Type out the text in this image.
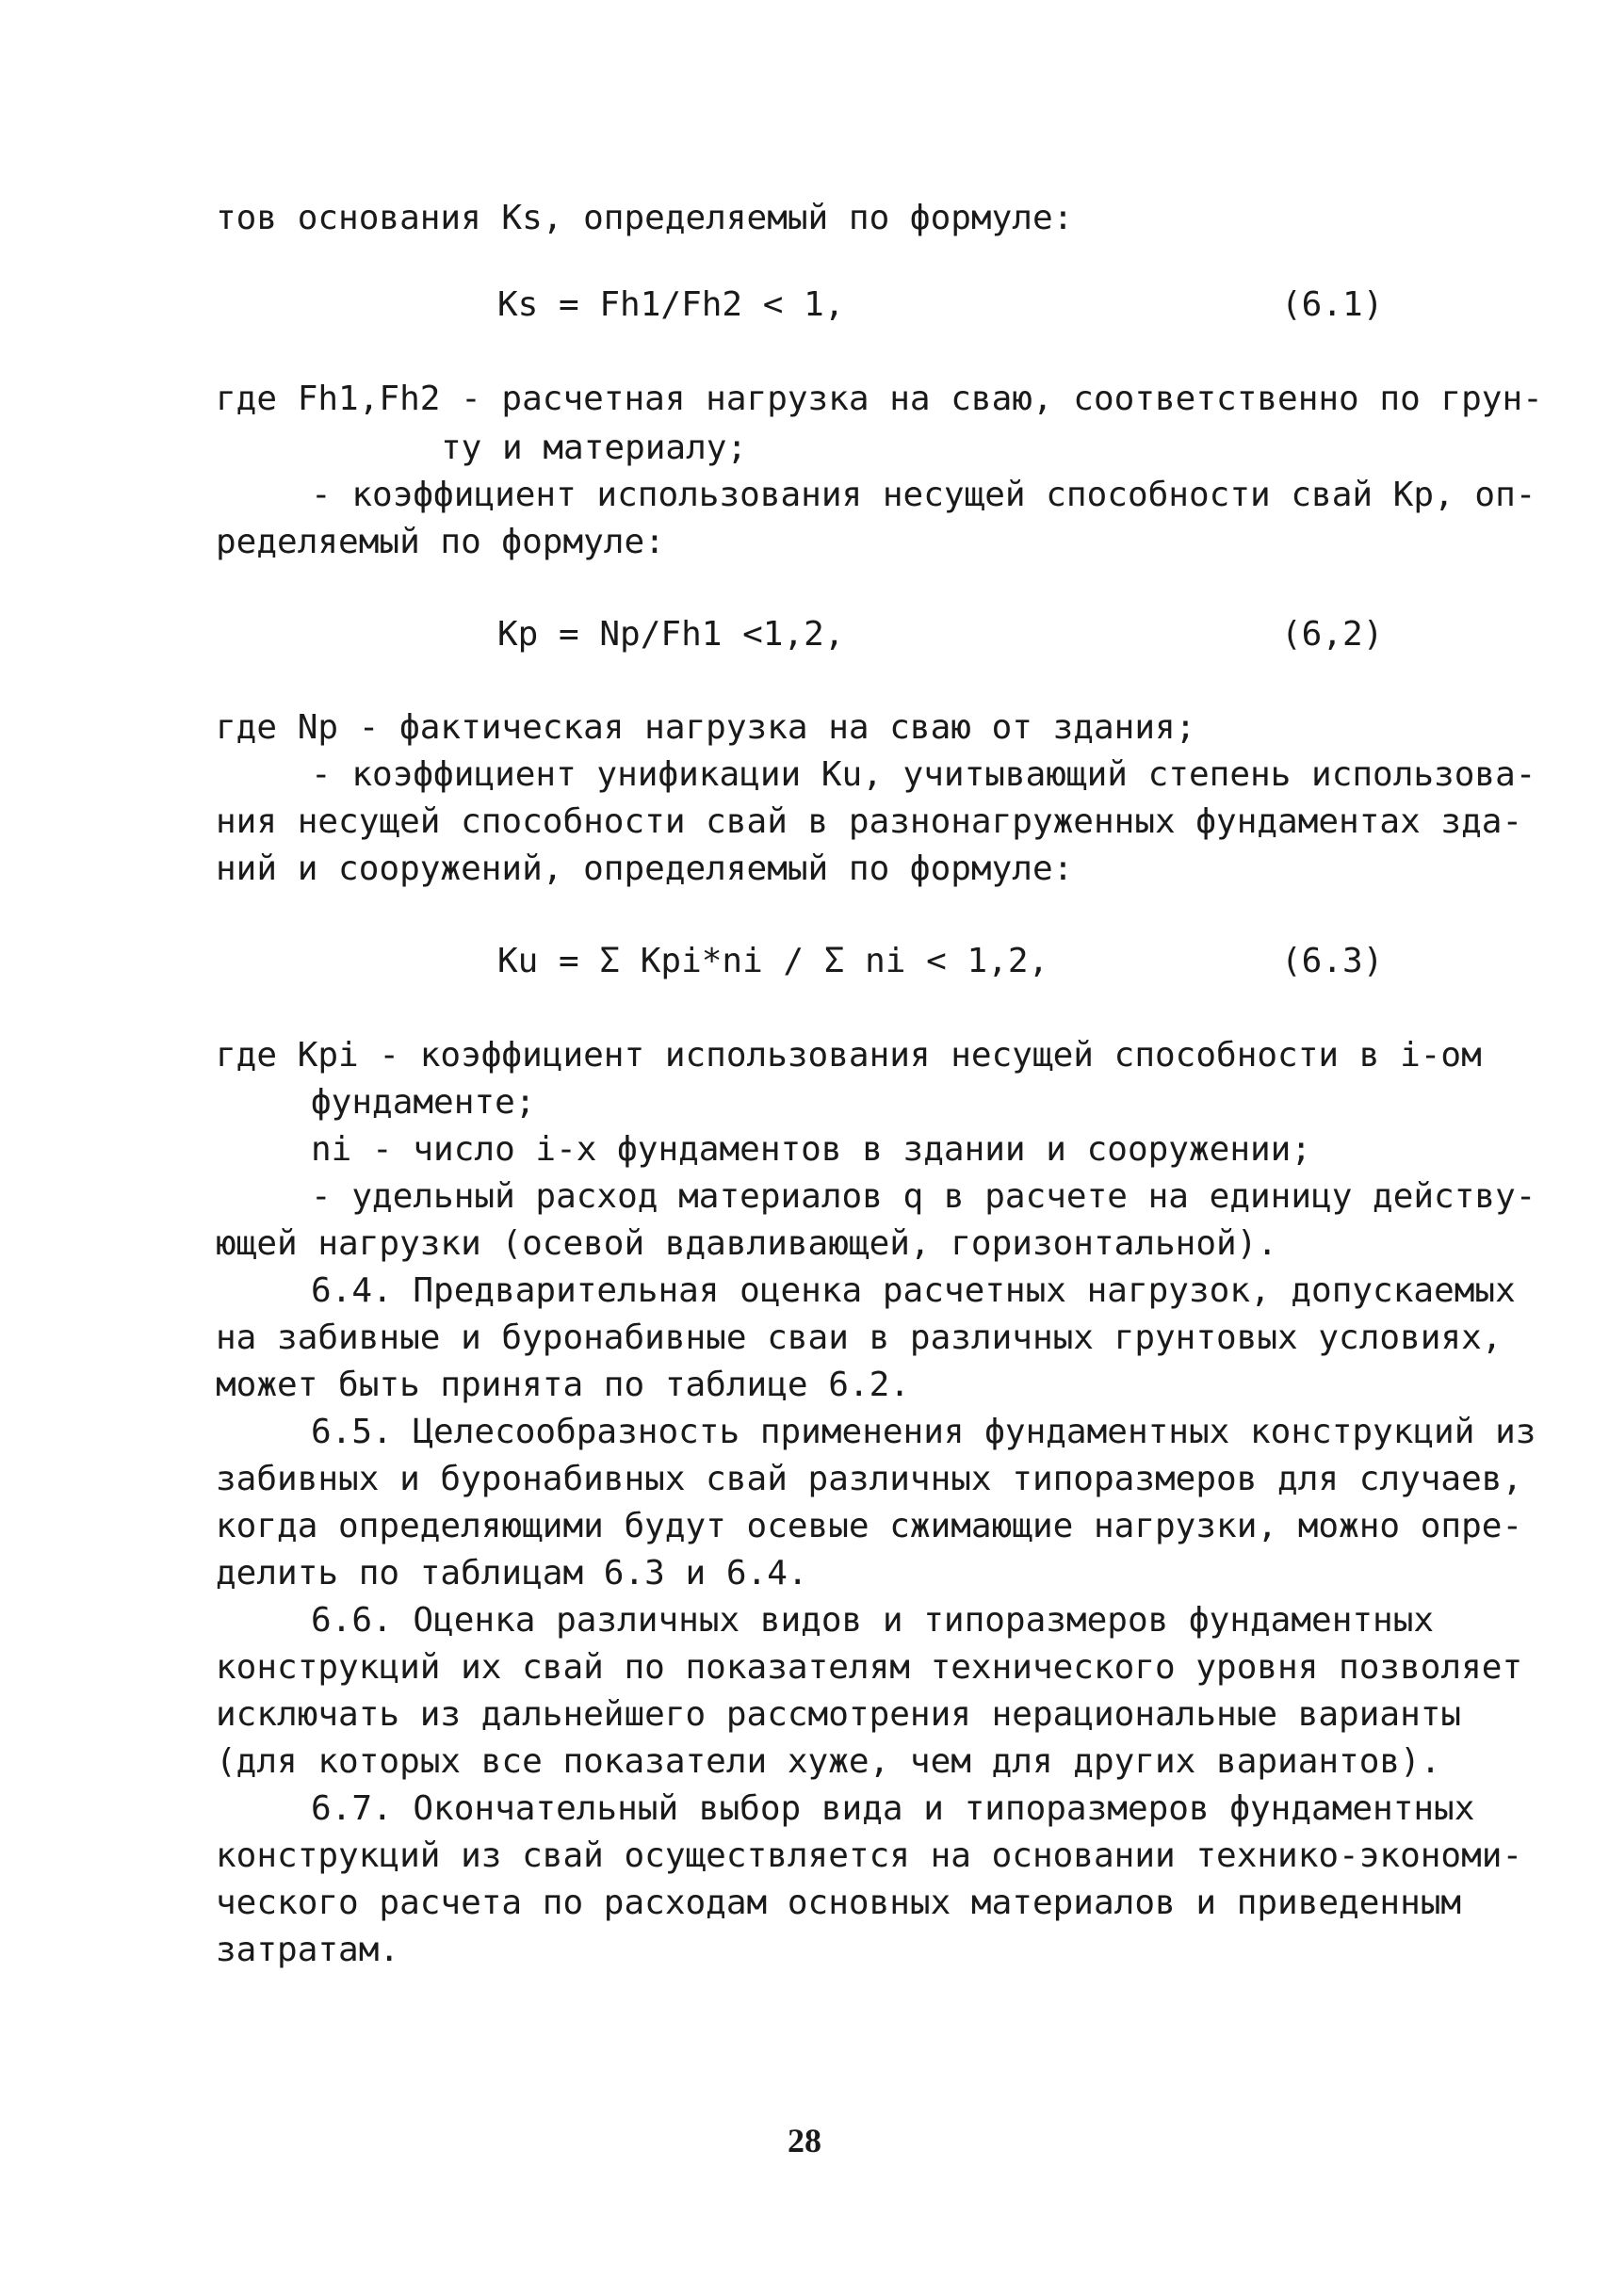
тов основания Ks, определяемый по формуле:
Ks = Fh1/Fh2 < 1,	(6.1)
где Fh1,Fh2 - расчетная нагрузка на сваю, соответственно по грун-
ту и материалу;
- коэффициент использования несущей способности свай Kp, оп-
ределяемый по формуле:
Kp = Np/Fh1 <1,2,	(6,2)
где Np - фактическая нагрузка на сваю от здания;
- коэффициент унификации Ku, учитывающий степень использова-
ния несущей способности свай в разнонагруженных фундаментах зда-
ний и сооружений, определяемый по формуле:
Ku = Σ Kpi*ni / Σ ni < 1,2,	(6.3)
где Kpi - коэффициент использования несущей способности в i-ом
фундаменте;
ni - число i-х фундаментов в здании и сооружении;
- удельный расход материалов q в расчете на единицу действу-
ющей нагрузки (осевой вдавливающей, горизонтальной).
6.4. Предварительная оценка расчетных нагрузок, допускаемых
на забивные и буронабивные сваи в различных грунтовых условиях,
может быть принята по таблице 6.2.
6.5. Целесообразность применения фундаментных конструкций из
забивных и буронабивных свай различных типоразмеров для случаев,
когда определяющими будут осевые сжимающие нагрузки, можно опре-
делить по таблицам 6.3 и 6.4.
6.6. Оценка различных видов и типоразмеров фундаментных
конструкций их свай по показателям технического уровня позволяет
исключать из дальнейшего рассмотрения нерациональные варианты
(для которых все показатели хуже, чем для других вариантов).
6.7. Окончательный выбор вида и типоразмеров фундаментных
конструкций из свай осуществляется на основании технико-экономи-
ческого расчета по расходам основных материалов и приведенным
затратам.
28
